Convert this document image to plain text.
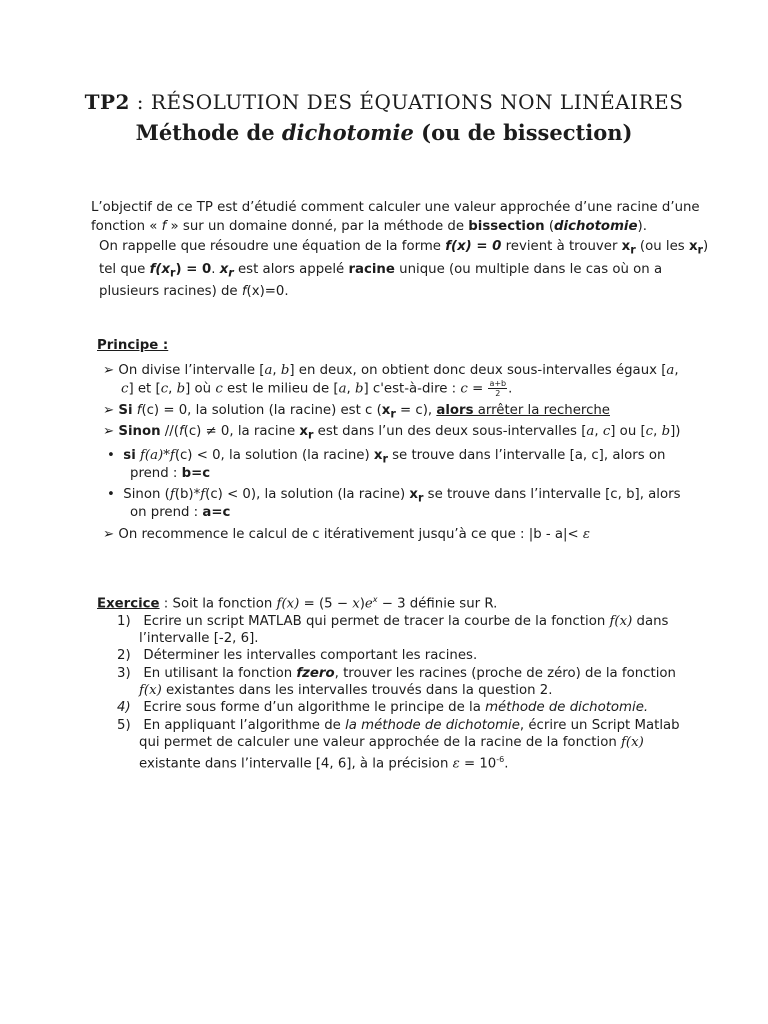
TP2 : RÉSOLUTION DES ÉQUATIONS NON LINÉAIRES
Méthode de dichotomie (ou de bissection)
L’objectif de ce TP est d’étudié comment calculer une valeur approchée d’une racine d’une fonction « f » sur un domaine donné, par la méthode de bissection (dichotomie).
On rappelle que résoudre une équation de la forme f(x) = 0 revient à trouver $x_r$ (ou les $x_r$) tel que $f(x_r) = 0$. $x_r$ est alors appelé racine unique (ou multiple dans le cas où on a plusieurs racines) de f(x)=0.
Principe :
➢ On divise l’intervalle [a, b] en deux, on obtient donc deux sous-intervalles égaux [a,
c] et [c, b] où c est le milieu de [a, b] c'est-à-dire : $c = \frac{a+b}{2}$ .
➢ Si f(c) = 0, la solution (la racine) est c $(x_r = c)$, alors arrêter la recherche
➢ Sinon //(f(c) ≠ 0, la racine $x_r$ est dans l’un des deux sous-intervalles [a, c] ou [c, b])
•  si f(a)*f(c) < 0, la solution (la racine) $x_r$ se trouve dans l’intervalle [a, c], alors on
prend : b=c
•  Sinon (f(b)*f(c) < 0), la solution (la racine) $x_r$ se trouve dans l’intervalle [c, b], alors
on prend : a=c
➢ On recommence le calcul de c itérativement jusqu’à ce que : |b - a|< ε
Exercice : Soit la fonction $f(x) = (5 - x)e^x - 3$ définie sur R.
1) Ecrire un script MATLAB qui permet de tracer la courbe de la fonction f(x) dans
l’intervalle [-2, 6].
2) Déterminer les intervalles comportant les racines.
3) En utilisant la fonction fzero, trouver les racines (proche de zéro) de la fonction
f(x) existantes dans les intervalles trouvés dans la question 2.
4) Ecrire sous forme d’un algorithme le principe de la méthode de dichotomie.
5) En appliquant l’algorithme de la méthode de dichotomie, écrire un Script Matlab
qui permet de calculer une valeur approchée de la racine de la fonction f(x)
existante dans l’intervalle [4, 6], à la précision $\varepsilon = 10^{-6}$.
